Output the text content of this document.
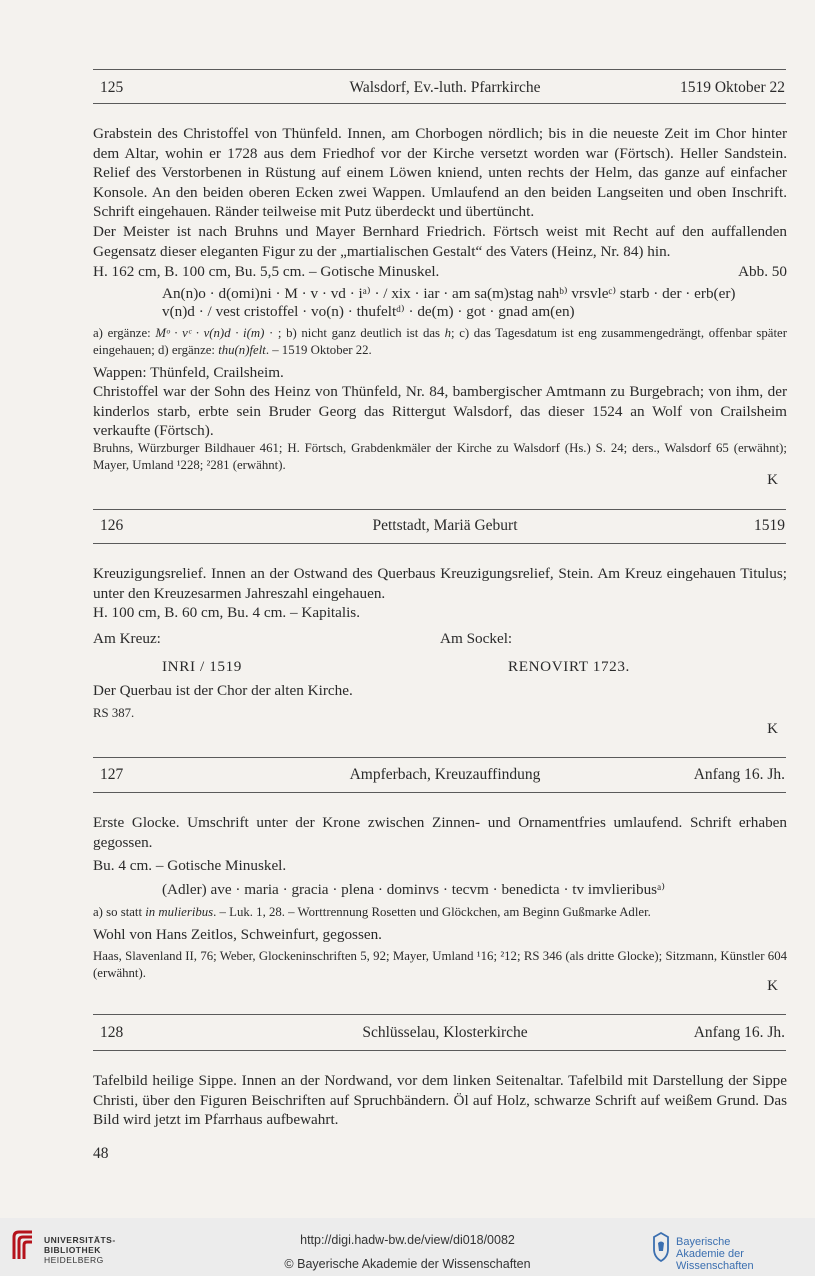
125	Walsdorf, Ev.-luth. Pfarrkirche	1519 Oktober 22
Grabstein des Christoffel von Thünfeld. Innen, am Chorbogen nördlich; bis in die neueste Zeit im Chor hinter dem Altar, wohin er 1728 aus dem Friedhof vor der Kirche versetzt worden war (Förtsch). Heller Sandstein. Relief des Verstorbenen in Rüstung auf einem Löwen kniend, unten rechts der Helm, das ganze auf einfacher Konsole. An den beiden oberen Ecken zwei Wappen. Umlaufend an den beiden Langseiten und oben Inschrift. Schrift eingehauen. Ränder teilweise mit Putz überdeckt und übertüncht.
Der Meister ist nach Bruhns und Mayer Bernhard Friedrich. Förtsch weist mit Recht auf den auffallenden Gegensatz dieser eleganten Figur zu der „martialischen Gestalt“ des Vaters (Heinz, Nr. 84) hin.
H. 162 cm, B. 100 cm, Bu. 5,5 cm. – Gotische Minuskel.	Abb. 50
An(n)o · d(omi)ni · M · v · vd · iᵃ⁾ · / xix · iar · am sa(m)stag nahᵇ⁾ vrsvleᶜ⁾ starb · der · erb(er)
v(n)d · / vest cristoffel · vo(n) · thufeltᵈ⁾ · de(m) · got · gnad am(en)
a) ergänze: Mᵒ · vᶜ · v(n)d · i(m) · ; b) nicht ganz deutlich ist das h; c) das Tagesdatum ist eng zusammengedrängt, offenbar später eingehauen; d) ergänze: thu(n)felt. – 1519 Oktober 22.
Wappen: Thünfeld, Crailsheim.
Christoffel war der Sohn des Heinz von Thünfeld, Nr. 84, bambergischer Amtmann zu Burgebrach; von ihm, der kinderlos starb, erbte sein Bruder Georg das Rittergut Walsdorf, das dieser 1524 an Wolf von Crailsheim verkaufte (Förtsch).
Bruhns, Würzburger Bildhauer 461; H. Förtsch, Grabdenkmäler der Kirche zu Walsdorf (Hs.) S. 24; ders., Walsdorf 65 (erwähnt); Mayer, Umland ¹228; ²281 (erwähnt).
K
126	Pettstadt, Mariä Geburt	1519
Kreuzigungsrelief. Innen an der Ostwand des Querbaus Kreuzigungsrelief, Stein. Am Kreuz eingehauen Titulus; unter den Kreuzesarmen Jahreszahl eingehauen.
H. 100 cm, B. 60 cm, Bu. 4 cm. – Kapitalis.
Am Kreuz:	Am Sockel:
INRI / 1519	RENOVIRT 1723.
Der Querbau ist der Chor der alten Kirche.
RS 387.
K
127	Ampferbach, Kreuzauffindung	Anfang 16. Jh.
Erste Glocke. Umschrift unter der Krone zwischen Zinnen- und Ornamentfries umlaufend. Schrift erhaben gegossen.
Bu. 4 cm. – Gotische Minuskel.
(Adler) ave · maria · gracia · plena · dominvs · tecvm · benedicta · tv imvlieribusᵃ⁾
a) so statt in mulieribus. – Luk. 1, 28. – Worttrennung Rosetten und Glöckchen, am Beginn Gußmarke Adler.
Wohl von Hans Zeitlos, Schweinfurt, gegossen.
Haas, Slavenland II, 76; Weber, Glockeninschriften 5, 92; Mayer, Umland ¹16; ²12; RS 346 (als dritte Glocke); Sitzmann, Künstler 604 (erwähnt).
K
128	Schlüsselau, Klosterkirche	Anfang 16. Jh.
Tafelbild heilige Sippe. Innen an der Nordwand, vor dem linken Seitenaltar. Tafelbild mit Darstellung der Sippe Christi, über den Figuren Beischriften auf Spruchbändern. Öl auf Holz, schwarze Schrift auf weißem Grund. Das Bild wird jetzt im Pfarrhaus aufbewahrt.
48
UNIVERSITÄTS-
BIBLIOTHEK
HEIDELBERG
http://digi.hadw-bw.de/view/di018/0082
© Bayerische Akademie der Wissenschaften
Bayerische
Akademie der Wissenschaften
